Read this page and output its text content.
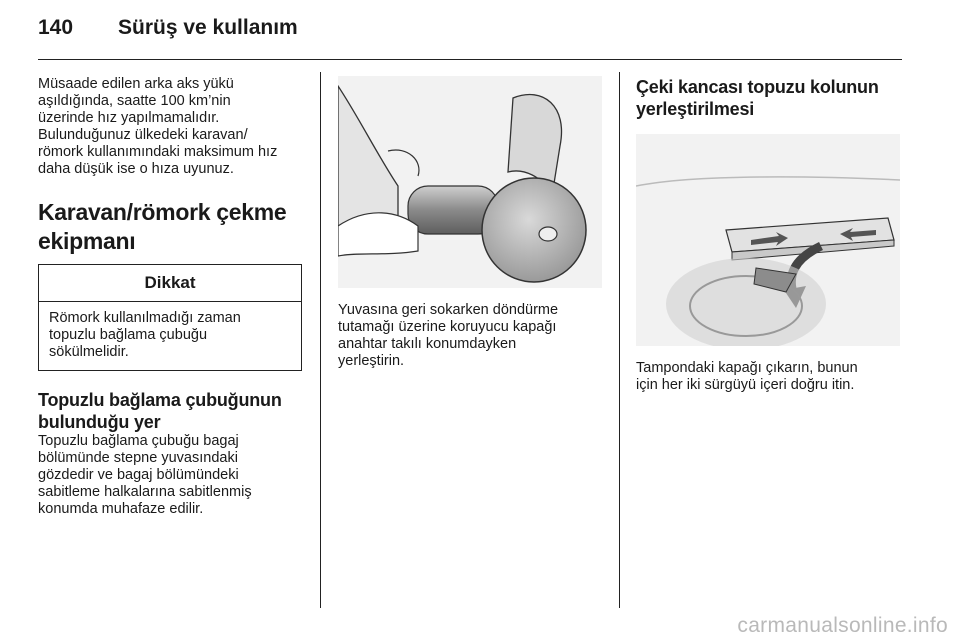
140 Sürüş ve kullanım

Müsaade edilen arka aks yükü
aşıldığında, saatte 100 km’nin
üzerinde hız yapılmamalıdır.
Bulunduğunuz ülkedeki karavan/
römork kullanımındaki maksimum hız
daha düşük ise o hıza uyunuz.

Karavan/römork çekme
ekipmanı
Dikkat
Römork kullanılmadığı zaman
topuzlu bağlama çubuğu
sökülmelidir.
Topuzlu bağlama çubuğunun
bulunduğu yer

Topuzlu bağlama çubuğu bagaj
bölümünde stepne yuvasındaki
gözdedir ve bagaj bölümündeki
sabitleme halkalarına sabitlenmiş
konumda muhafaze edilir.

Yuvasına geri sokarken döndürme
tutamağı üzerine koruyucu kapağı
anahtar takılı konumdayken
yerleştirin.

Çeki kancası topuzu kolunun
yerleştirilmesi

Tampondaki kapağı çıkarın, bunun
için her iki sürgüyü içeri doğru itin.

carmanualsonline.info
